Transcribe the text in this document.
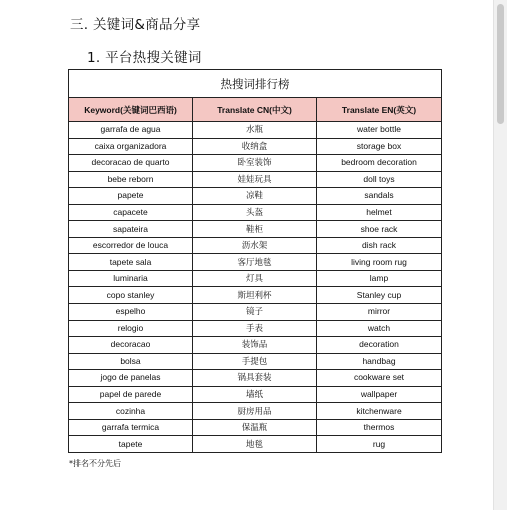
三. 关键词&商品分享
1. 平台热搜关键词
热搜词排行榜		
Keyword(关键词巴西语)	Translate CN(中文)	Translate EN(英文)
garrafa de agua	水瓶	water bottle
caixa organizadora	收纳盒	storage box
decoracao de quarto	卧室装饰	bedroom decoration
bebe reborn	娃娃玩具	doll toys
papete	凉鞋	sandals
capacete	头盔	helmet
sapateira	鞋柜	shoe rack
escorredor de louca	沥水架	dish rack
tapete sala	客厅地毯	living room rug
luminaria	灯具	lamp
copo stanley	斯坦利杯	Stanley cup
espelho	镜子	mirror
relogio	手表	watch
decoracao	装饰品	decoration
bolsa	手提包	handbag
jogo de panelas	锅具套装	cookware set
papel de parede	墙纸	wallpaper
cozinha	厨房用品	kitchenware
garrafa termica	保温瓶	thermos
tapete	地毯	rug
*排名不分先后
